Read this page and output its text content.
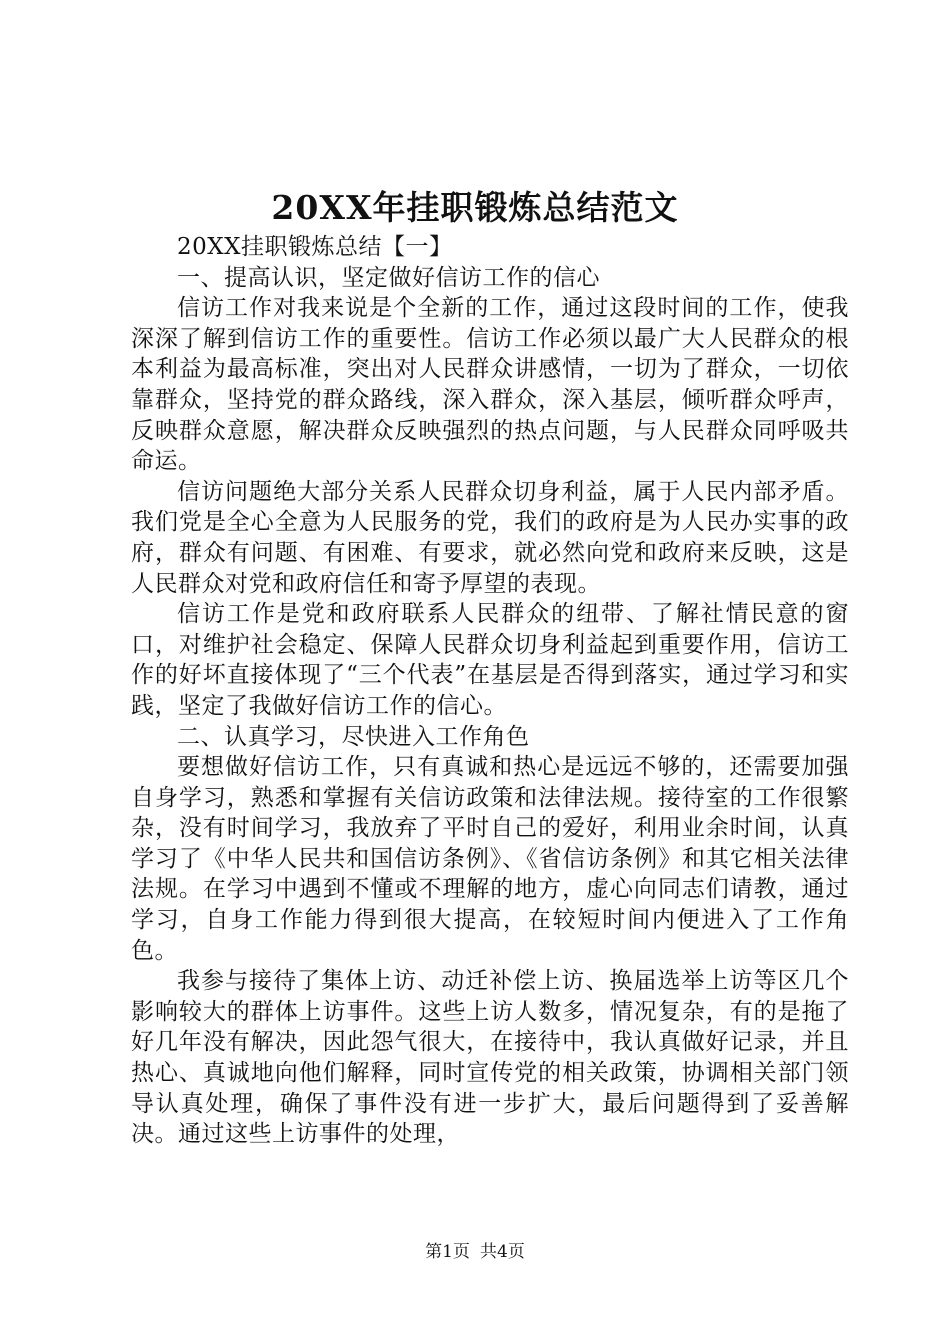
20XX年挂职锻炼总结范文

20XX挂职锻炼总结【一】

一、提高认识，坚定做好信访工作的信心

信访工作对我来说是个全新的工作，通过这段时间的工作，使我深深了解到信访工作的重要性。信访工作必须以最广大人民群众的根本利益为最高标准，突出对人民群众讲感情，一切为了群众，一切依靠群众，坚持党的群众路线，深入群众，深入基层，倾听群众呼声，反映群众意愿，解决群众反映强烈的热点问题，与人民群众同呼吸共命运。

信访问题绝大部分关系人民群众切身利益，属于人民内部矛盾。我们党是全心全意为人民服务的党，我们的政府是为人民办实事的政府，群众有问题、有困难、有要求，就必然向党和政府来反映，这是人民群众对党和政府信任和寄予厚望的表现。

信访工作是党和政府联系人民群众的纽带、了解社情民意的窗口，对维护社会稳定、保障人民群众切身利益起到重要作用，信访工作的好坏直接体现了“三个代表”在基层是否得到落实，通过学习和实践，坚定了我做好信访工作的信心。

二、认真学习，尽快进入工作角色

要想做好信访工作，只有真诚和热心是远远不够的，还需要加强自身学习，熟悉和掌握有关信访政策和法律法规。接待室的工作很繁杂，没有时间学习，我放弃了平时自己的爱好，利用业余时间，认真学习了《中华人民共和国信访条例》、《省信访条例》和其它相关法律法规。在学习中遇到不懂或不理解的地方，虚心向同志们请教，通过学习，自身工作能力得到很大提高，在较短时间内便进入了工作角色。

我参与接待了集体上访、动迁补偿上访、换届选举上访等区几个影响较大的群体上访事件。这些上访人数多，情况复杂，有的是拖了好几年没有解决，因此怨气很大，在接待中，我认真做好记录，并且热心、真诚地向他们解释，同时宣传党的相关政策，协调相关部门领导认真处理，确保了事件没有进一步扩大，最后问题得到了妥善解决。通过这些上访事件的处理，

第1页 共4页
